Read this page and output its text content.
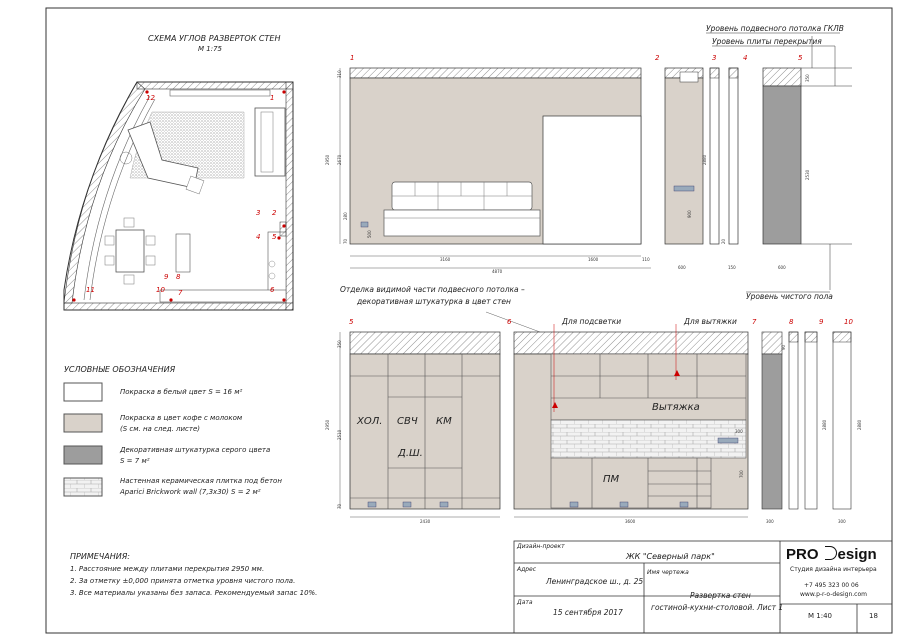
СХЕМА УГЛОВ РАЗВЕРТОК СТЕН
М 1:75
1
2
3
4 5
6
7
8
9
10
11
12
1	2	3	4	5
Уровень подвесного потолка ГКЛВ
Уровень плиты перекрытия
Уровень чистого пола
3160	1600	110
4870
600	150	600
2950
310
2670
280
500
70
900
2880
350
2530
20
Отделка видимой части подвесного потолка –
декоративная штукатурка в цвет стен
5	6	7	8	9	10
Для подсветки	Для вытяжки
ХОЛ. СВЧ КМ
Д.Ш.
Вытяжка
ПМ
2430	3600	300	300
2950
350
2510
2880	2880
70
90
300
700
УСЛОВНЫЕ ОБОЗНАЧЕНИЯ
Покраска в белый цвет S = 16 м²
Покраска в цвет кофе с молоком
(S см. на след. листе)
Декоративная штукатурка серого цвета
S = 7 м²
Настенная керамическая плитка под бетон
Aparici Brickwork wall (7,3х30) S = 2 м²
ПРИМЕЧАНИЯ:
1. Расстояние между плитами перекрытия 2950 мм.
2. За отметку ±0,000 принята отметка уровня чистого пола.
3. Все материалы указаны без запаса. Рекомендуемый запас 10%.
Дизайн-проект
ЖК "Северный парк"
Адрес
Ленинградское ш., д. 25
Имя чертежа
Развертка стен
гостиной-кухни-столовой. Лист 1
Дата
15 сентября 2017
PRO esign
Студия дизайна интерьера
+7 495 323 00 06
www.p-r-o-design.com
М 1:40	18
